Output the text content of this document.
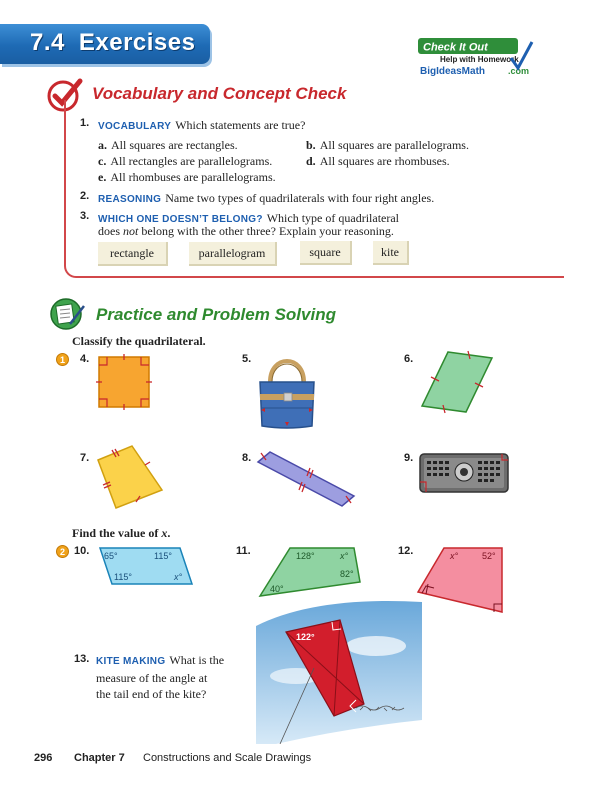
7.4 Exercises	Check It Out
Help with Homework
BigIdeasMath	.com
Vocabulary and Concept Check
1. VOCABULARY Which statements are true?
a. All squares are rectangles.	b. All squares are parallelograms.
c. All rectangles are parallelograms.	d. All squares are rhombuses.
e. All rhombuses are parallelograms.
2. REASONING Name two types of quadrilaterals with four right angles.
3. WHICH ONE DOESN’T BELONG? Which type of quadrilateral
does not belong with the other three? Explain your reasoning.
rectangle	parallelogram	square	kite
Practice and Problem Solving
Classify the quadrilateral.
1	4.	5.	6.
7.	8.	9.
Find the value of x.
2 10.	11.	12.
65°	115°
115°	x°
128°	x°
82°
40°
x°	52°
13. KITE MAKING What is the
measure of the angle at
the tail end of the kite?
122°
296 Chapter 7 Constructions and Scale Drawings
